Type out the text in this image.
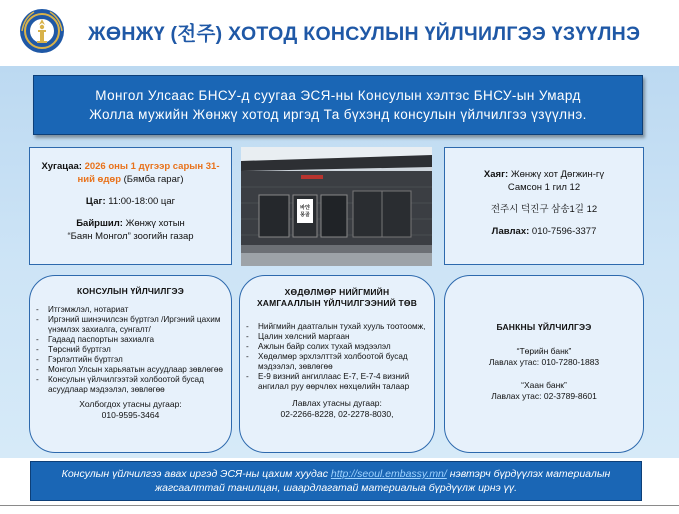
ЖӨНЖҮ (전주) ХОТОД КОНСУЛЫН ҮЙЛЧИЛГЭЭ ҮЗҮҮЛНЭ
Монгол Улсаас БНСУ-д суугаа ЭСЯ-ны Консулын хэлтэс БНСУ-ын Умард
Жолла мужийн Жөнжү хотод иргэд Та бүхэнд консулын үйлчилгээ үзүүлнэ.
Хугацаа: 2026 оны 1 дүгээр сарын 31-ний өдөр (Бямба гараг)
Цаг: 11:00-18:00 цаг
Байршил: Жөнжү хотын
“Баян Монгол” зоогийн газар
바얀
몽골
Хаяг: Жөнжү хот Дөгжин-гү
Самсон 1 гил 12
전주시 덕진구 삼송1길 12
Лавлах: 010-7596-3377
КОНСУЛЫН ҮЙЛЧИЛГЭЭ
- Итгэмжлэл, нотариат
- Иргэний шинэчилсэн бүртгэл /Иргэний цахим үнэмлэх захиалга, сунгалт/
- Гадаад паспортын захиалга
- Төрсний бүртгэл
- Гэрлэлтийн бүртгэл
- Монгол Улсын харьяатын асуудлаар зөвлөгөө
- Консулын үйлчилгээтэй холбоотой бусад асуудлаар мэдээлэл, зөвлөгөө
Холбогдох утасны дугаар:
010-9595-3464
ХӨДӨЛМӨР НИЙГМИЙН ХАМГААЛЛЫН ҮЙЛЧИЛГЭЭНИЙ ТӨВ
- Нийгмийн даатгалын тухай хууль тоотоомж,
- Цалин хөлсний маргаан
- Ажлын байр солих тухай мэдээлэл
- Хөдөлмөр эрхлэлттэй холбоотой бусад мэдээлэл, зөвлөгөө
- Е-9 визний ангиллаас Е-7, Е-7-4 визний ангилал руу өөрчлөх нөхцөлийн талаар
Лавлах утасны дугаар:
02-2266-8228, 02-2278-8030,
БАНКНЫ ҮЙЛЧИЛГЭЭ
“Төрийн банк”
Лавлах утас: 010-7280-1883
“Хаан банк”
Лавлах утас: 02-3789-8601
Консулын үйлчилгээ авах иргэд ЭСЯ-ны цахим хуудас http://seoul.embassy.mn/ нэвтэрч бүрдүүлэх материалын жагсаалттай танилцан, шаардлагатай материалыа бүрдүүлж ирнэ үү.
